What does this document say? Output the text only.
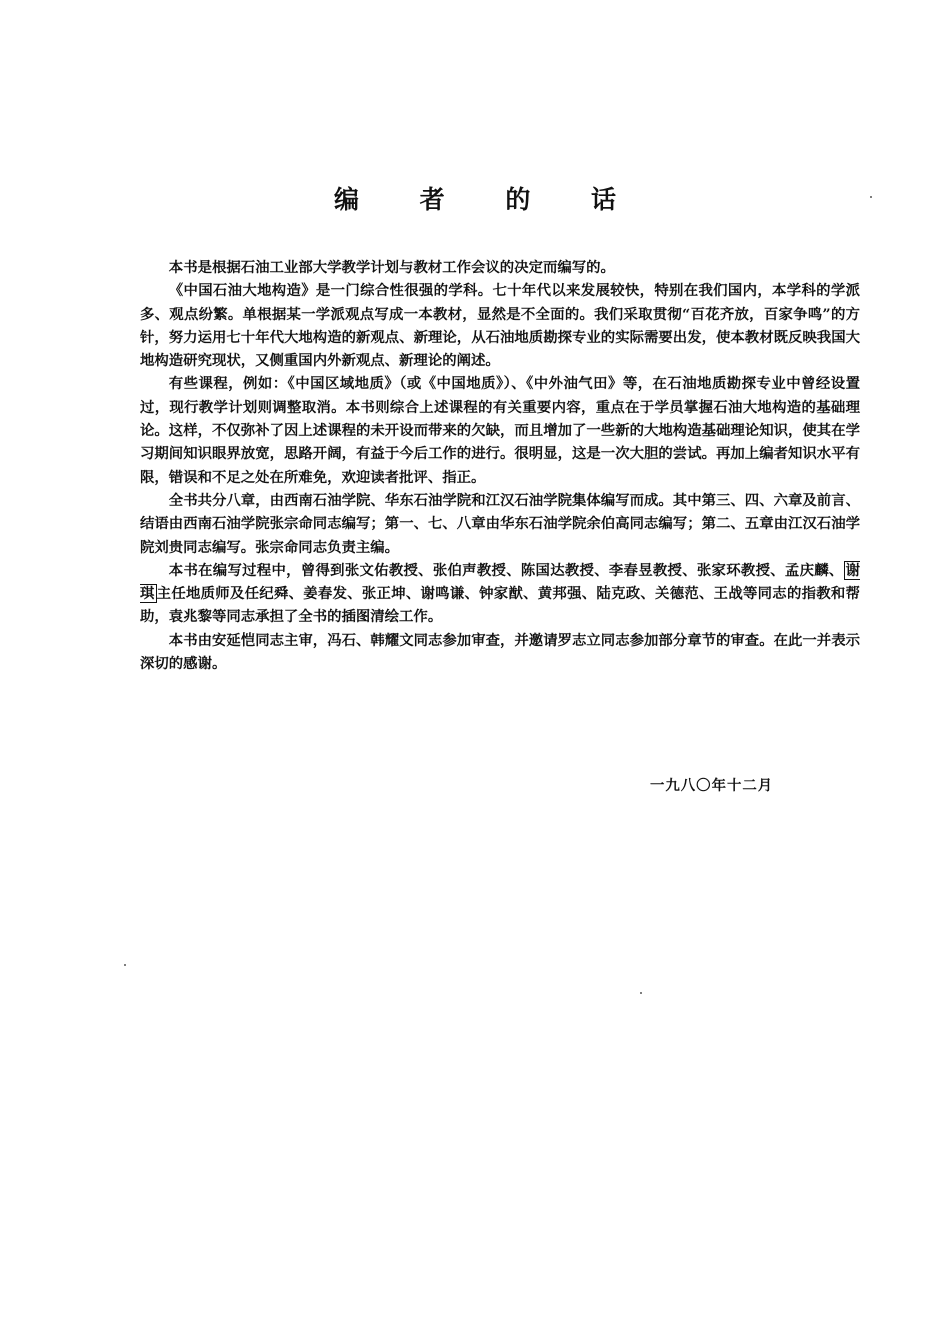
编 者 的 话

本书是根据石油工业部大学教学计划与教材工作会议的决定而编写的。

《中国石油大地构造》是一门综合性很强的学科。七十年代以来发展较快，特别在我们国内，本学科的学派多、观点纷繁。单根据某一学派观点写成一本教材，显然是不全面的。我们采取贯彻“百花齐放，百家争鸣”的方针，努力运用七十年代大地构造的新观点、新理论，从石油地质勘探专业的实际需要出发，使本教材既反映我国大地构造研究现状，又侧重国内外新观点、新理论的阐述。

有些课程，例如：《中国区域地质》（或《中国地质》）、《中外油气田》等，在石油地质勘探专业中曾经设置过，现行教学计划则调整取消。本书则综合上述课程的有关重要内容，重点在于学员掌握石油大地构造的基础理论。这样，不仅弥补了因上述课程的未开设而带来的欠缺，而且增加了一些新的大地构造基础理论知识，使其在学习期间知识眼界放宽，思路开阔，有益于今后工作的进行。很明显，这是一次大胆的尝试。再加上编者知识水平有限，错误和不足之处在所难免，欢迎读者批评、指正。

全书共分八章，由西南石油学院、华东石油学院和江汉石油学院集体编写而成。其中第三、四、六章及前言、结语由西南石油学院张宗命同志编写；第一、七、八章由华东石油学院余伯高同志编写；第二、五章由江汉石油学院刘贵同志编写。张宗命同志负责主编。

本书在编写过程中，曾得到张文佑教授、张伯声教授、陈国达教授、李春昱教授、张家环教授、孟庆麟、 谢琪 主任地质师及任纪舜、姜春发、张正坤、谢鸣谦、钟家猷、黄邦强、陆克政、关德范、王战等同志的指教和帮助，袁兆黎等同志承担了全书的插图清绘工作。

本书由安延恺同志主审，冯石、韩耀文同志参加审查，并邀请罗志立同志参加部分章节的审查。在此一并表示深切的感谢。

一九八〇年十二月
